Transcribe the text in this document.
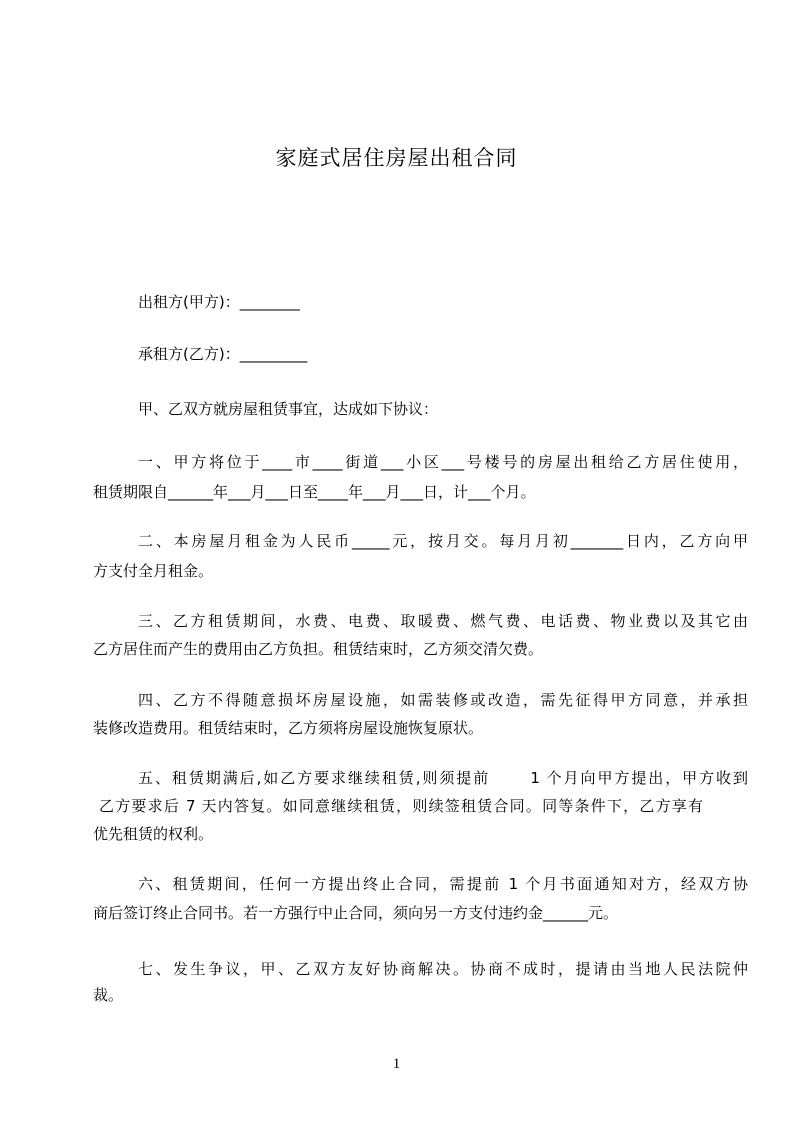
家庭式居住房屋出租合同
出租方(甲方)：________
承租方(乙方)：_________
甲、乙双方就房屋租赁事宜，达成如下协议：
一、甲方将位于____市____街道___小区___号楼号的房屋出租给乙方居住使用，
租赁期限自______年___月___日至____年___月___日，计___个月。
二、本房屋月租金为人民币_____元，按月交。每月月初_______日内，乙方向甲
方支付全月租金。
三、乙方租赁期间，水费、电费、取暖费、燃气费、电话费、物业费以及其它由
乙方居住而产生的费用由乙方负担。租赁结束时，乙方须交清欠费。
四、乙方不得随意损坏房屋设施，如需装修或改造，需先征得甲方同意，并承担
装修改造费用。租赁结束时，乙方须将房屋设施恢复原状。
五、租赁期满后,如乙方要求继续租赁,则须提前      1 个月向甲方提出，甲方收到
乙方要求后 7 天内答复。如同意继续租赁，则续签租赁合同。同等条件下，乙方享有
优先租赁的权利。
六、租赁期间，任何一方提出终止合同，需提前 1 个月书面通知对方，经双方协
商后签订终止合同书。若一方强行中止合同，须向另一方支付违约金______元。
七、发生争议，甲、乙双方友好协商解决。协商不成时，提请由当地人民法院仲
裁。
1
